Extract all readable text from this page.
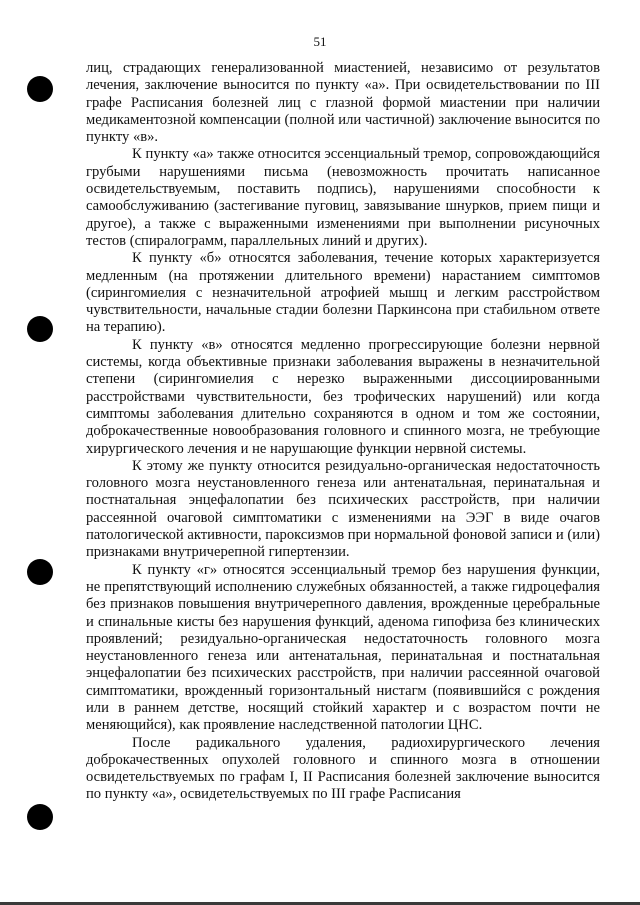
51

лиц, страдающих генерализованной миастенией, независимо от результатов лечения, заключение выносится по пункту «а». При освидетельствовании по III графе Расписания болезней лиц с глазной формой миастении при наличии медикаментозной компенсации (полной или частичной) заключение выносится по пункту «в».

К пункту «а» также относится эссенциальный тремор, сопровождающийся грубыми нарушениями письма (невозможность прочитать написанное освидетельствуемым, поставить подпись), нарушениями способности к самообслуживанию (застегивание пуговиц, завязывание шнурков, прием пищи и другое), а также с выраженными изменениями при выполнении рисуночных тестов (спиралограмм, параллельных линий и других).

К пункту «б» относятся заболевания, течение которых характеризуется медленным (на протяжении длительного времени) нарастанием симптомов (сирингомиелия с незначительной атрофией мышц и легким расстройством чувствительности, начальные стадии болезни Паркинсона при стабильном ответе на терапию).

К пункту «в» относятся медленно прогрессирующие болезни нервной системы, когда объективные признаки заболевания выражены в незначительной степени (сирингомиелия с нерезко выраженными диссоциированными расстройствами чувствительности, без трофических нарушений) или когда симптомы заболевания длительно сохраняются в одном и том же состоянии, доброкачественные новообразования головного и спинного мозга, не требующие хирургического лечения и не нарушающие функции нервной системы.

К этому же пункту относится резидуально-органическая недостаточность головного мозга неустановленного генеза или антенатальная, перинатальная и постнатальная энцефалопатии без психических расстройств, при наличии рассеянной очаговой симптоматики с изменениями на ЭЭГ в виде очагов патологической активности, пароксизмов при нормальной фоновой записи и (или) признаками внутричерепной гипертензии.

К пункту «г» относятся эссенциальный тремор без нарушения функции, не препятствующий исполнению служебных обязанностей, а также гидроцефалия без признаков повышения внутричерепного давления, врожденные церебральные и спинальные кисты без нарушения функций, аденома гипофиза без клинических проявлений; резидуально-органическая недостаточность головного мозга неустановленного генеза или антенатальная, перинатальная и постнатальная энцефалопатии без психических расстройств, при наличии рассеянной очаговой симптоматики, врожденный горизонтальный нистагм (появившийся с рождения или в раннем детстве, носящий стойкий характер и с возрастом почти не меняющийся), как проявление наследственной патологии ЦНС.

После радикального удаления, радиохирургического лечения доброкачественных опухолей головного и спинного мозга в отношении освидетельствуемых по графам I, II Расписания болезней заключение выносится по пункту «а», освидетельствуемых по III графе Расписания
